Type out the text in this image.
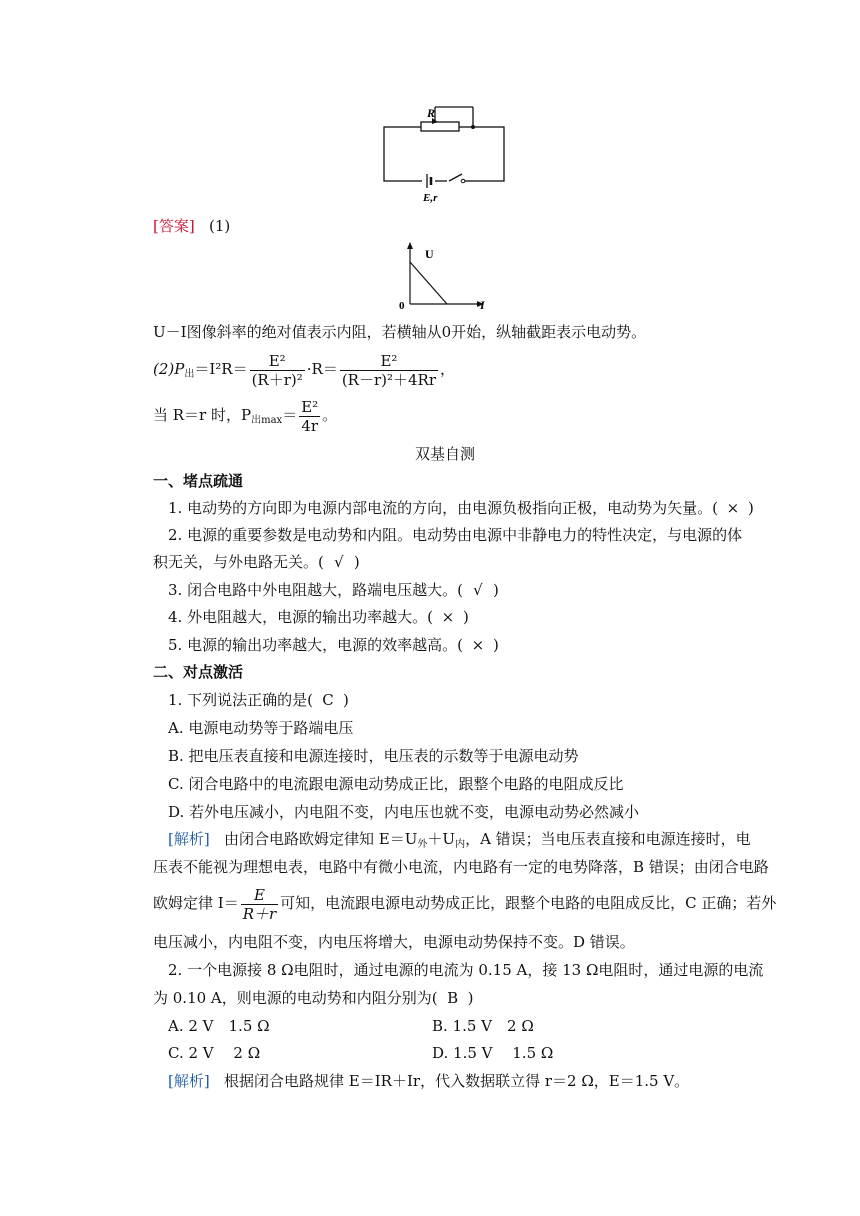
R
E,r
[答案] (1)
U
I
0
U－I图像斜率的绝对值表示内阻，若横轴从0开始，纵轴截距表示电动势。
$(2)P_出=I^2R= \frac{\text{E²}}{\text{(R＋r)²}} \cdot R= \frac{\text{E²}}{\text{(R－r)²＋4Rr}}$ ，
当 R＝r 时，$P_{出max}= \frac{\text{E²}}{4r}$ 。
双基自测
一、堵点疏通
1. 电动势的方向即为电源内部电流的方向，由电源负极指向正极，电动势为矢量。( × )
2. 电源的重要参数是电动势和内阻。电动势由电源中非静电力的特性决定，与电源的体
积无关，与外电路无关。( √ )
3. 闭合电路中外电阻越大，路端电压越大。( √ )
4. 外电阻越大，电源的输出功率越大。( × )
5. 电源的输出功率越大，电源的效率越高。( × )
二、对点激活
1. 下列说法正确的是( C )
A. 电源电动势等于路端电压
B. 把电压表直接和电源连接时，电压表的示数等于电源电动势
C. 闭合电路中的电流跟电源电动势成正比，跟整个电路的电阻成反比
D. 若外电压减小，内电阻不变，内电压也就不变，电源电动势必然减小
[解析] 由闭合电路欧姆定律知 $E=U_外+U_内$，A 错误；当电压表直接和电源连接时，电
压表不能视为理想电表，电路中有微小电流，内电路有一定的电势降落，B 错误；由闭合电路
欧姆定律 $I= \frac{E}{R+r}$ 可知，电流跟电源电动势成正比，跟整个电路的电阻成反比，C 正确；若外
电压减小，内电阻不变，内电压将增大，电源电动势保持不变。D 错误。
2. 一个电源接 8 Ω电阻时，通过电源的电流为 0.15 A，接 13 Ω电阻时，通过电源的电流
为 0.10 A，则电源的电动势和内阻分别为( B )
A. 2 V　1.5 Ω	B. 1.5 V　2 Ω
C. 2 V　 2 Ω	D. 1.5 V　 1.5 Ω
[解析] 根据闭合电路规律 E＝IR＋Ir，代入数据联立得 r＝2 Ω，E＝1.5 V。
